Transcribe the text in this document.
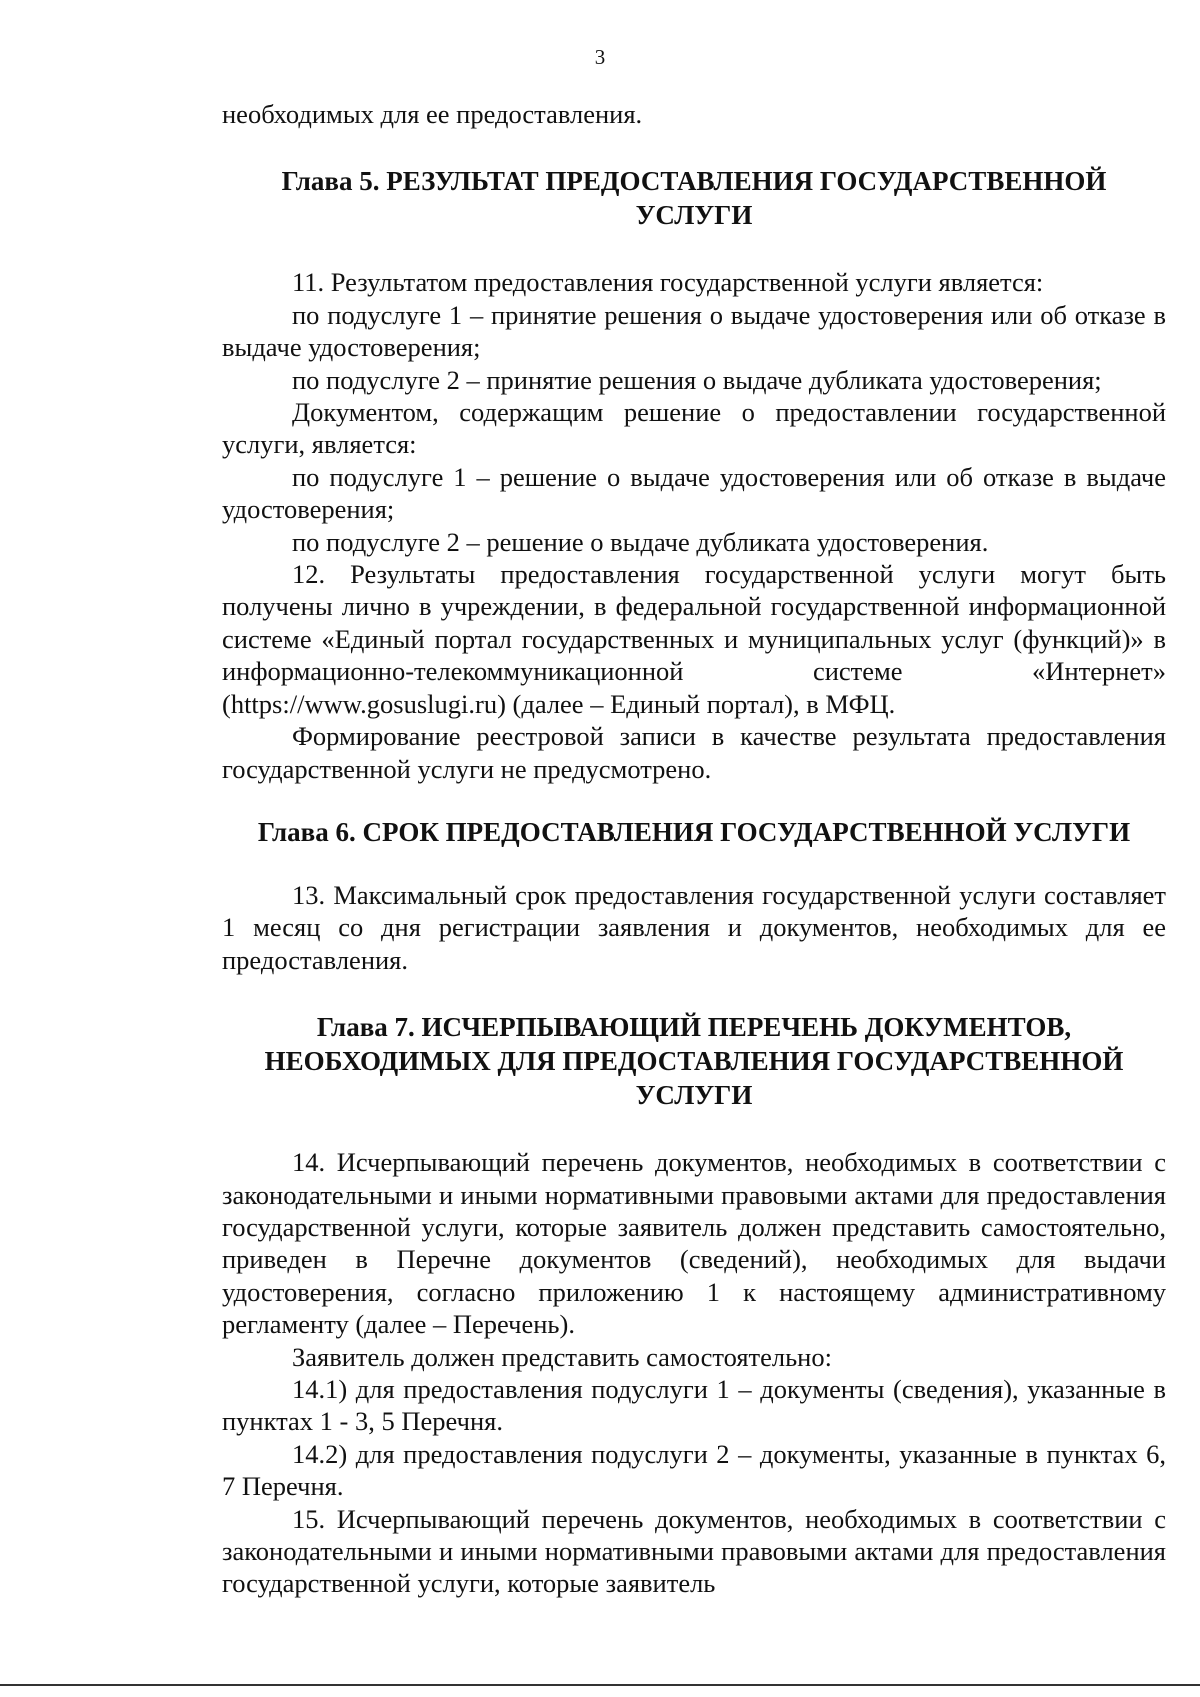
3

необходимых для ее предоставления.

Глава 5. РЕЗУЛЬТАТ ПРЕДОСТАВЛЕНИЯ ГОСУДАРСТВЕННОЙ
УСЛУГИ

11. Результатом предоставления государственной услуги является:

по подуслуге 1 – принятие решения о выдаче удостоверения или об отказе в выдаче удостоверения;

по подуслуге 2 – принятие решения о выдаче дубликата удостоверения;

Документом, содержащим решение о предоставлении государственной услуги, является:

по подуслуге 1 – решение о выдаче удостоверения или об отказе в выдаче удостоверения;

по подуслуге 2 – решение о выдаче дубликата удостоверения.

12. Результаты предоставления государственной услуги могут быть получены лично в учреждении, в федеральной государственной информационной системе «Единый портал государственных и муниципальных услуг (функций)» в информационно-телекоммуникационной системе «Интернет» (https://www.gosuslugi.ru) (далее – Единый портал), в МФЦ.

Формирование реестровой записи в качестве результата предоставления государственной услуги не предусмотрено.

Глава 6. СРОК ПРЕДОСТАВЛЕНИЯ ГОСУДАРСТВЕННОЙ УСЛУГИ

13. Максимальный срок предоставления государственной услуги составляет 1 месяц со дня регистрации заявления и документов, необходимых для ее предоставления.

Глава 7. ИСЧЕРПЫВАЮЩИЙ ПЕРЕЧЕНЬ ДОКУМЕНТОВ,
НЕОБХОДИМЫХ ДЛЯ ПРЕДОСТАВЛЕНИЯ ГОСУДАРСТВЕННОЙ
УСЛУГИ

14. Исчерпывающий перечень документов, необходимых в соответствии с законодательными и иными нормативными правовыми актами для предоставления государственной услуги, которые заявитель должен представить самостоятельно, приведен в Перечне документов (сведений), необходимых для выдачи удостоверения, согласно приложению 1 к настоящему административному регламенту (далее – Перечень).

Заявитель должен представить самостоятельно:

14.1) для предоставления подуслуги 1 – документы (сведения), указанные в пунктах 1 - 3, 5 Перечня.

14.2) для предоставления подуслуги 2 – документы, указанные в пунктах 6, 7 Перечня.

15. Исчерпывающий перечень документов, необходимых в соответствии с законодательными и иными нормативными правовыми актами для предоставления государственной услуги, которые заявитель
